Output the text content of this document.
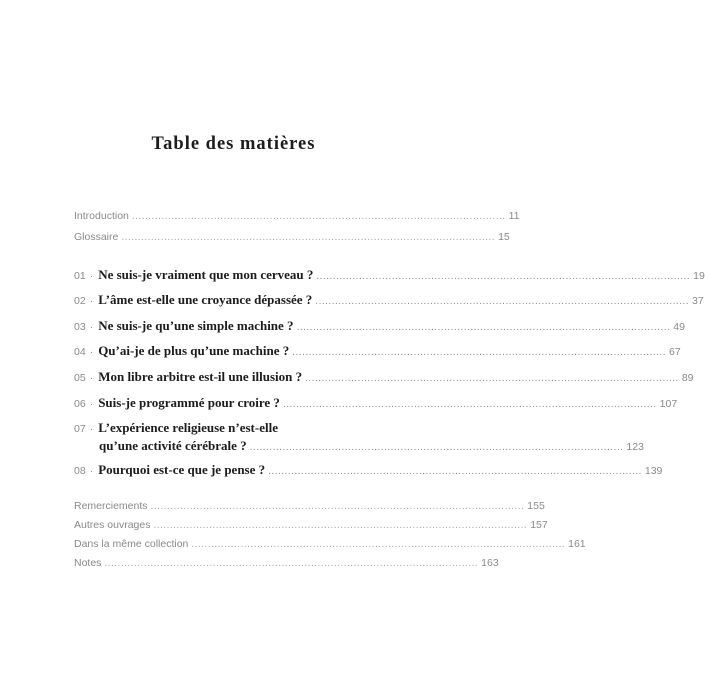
Table des matières
Introduction .................................................................................................................. 11
Glossaire .................................................................................................................. 15
01 · Ne suis-je vraiment que mon cerveau ? .................................................................................................................. 19
02 · L’âme est-elle une croyance dépassée ? .................................................................................................................. 37
03 · Ne suis-je qu’une simple machine ? .................................................................................................................. 49
04 · Qu’ai-je de plus qu’une machine ? .................................................................................................................. 67
05 · Mon libre arbitre est-il une illusion ? .................................................................................................................. 89
06 · Suis-je programmé pour croire ? .................................................................................................................. 107
07 · L’expérience religieuse n’est-elle
qu’une activité cérébrale ? .................................................................................................................. 123
08 · Pourquoi est-ce que je pense ? .................................................................................................................. 139
Remerciements .................................................................................................................. 155
Autres ouvrages .................................................................................................................. 157
Dans la même collection .................................................................................................................. 161
Notes .................................................................................................................. 163
